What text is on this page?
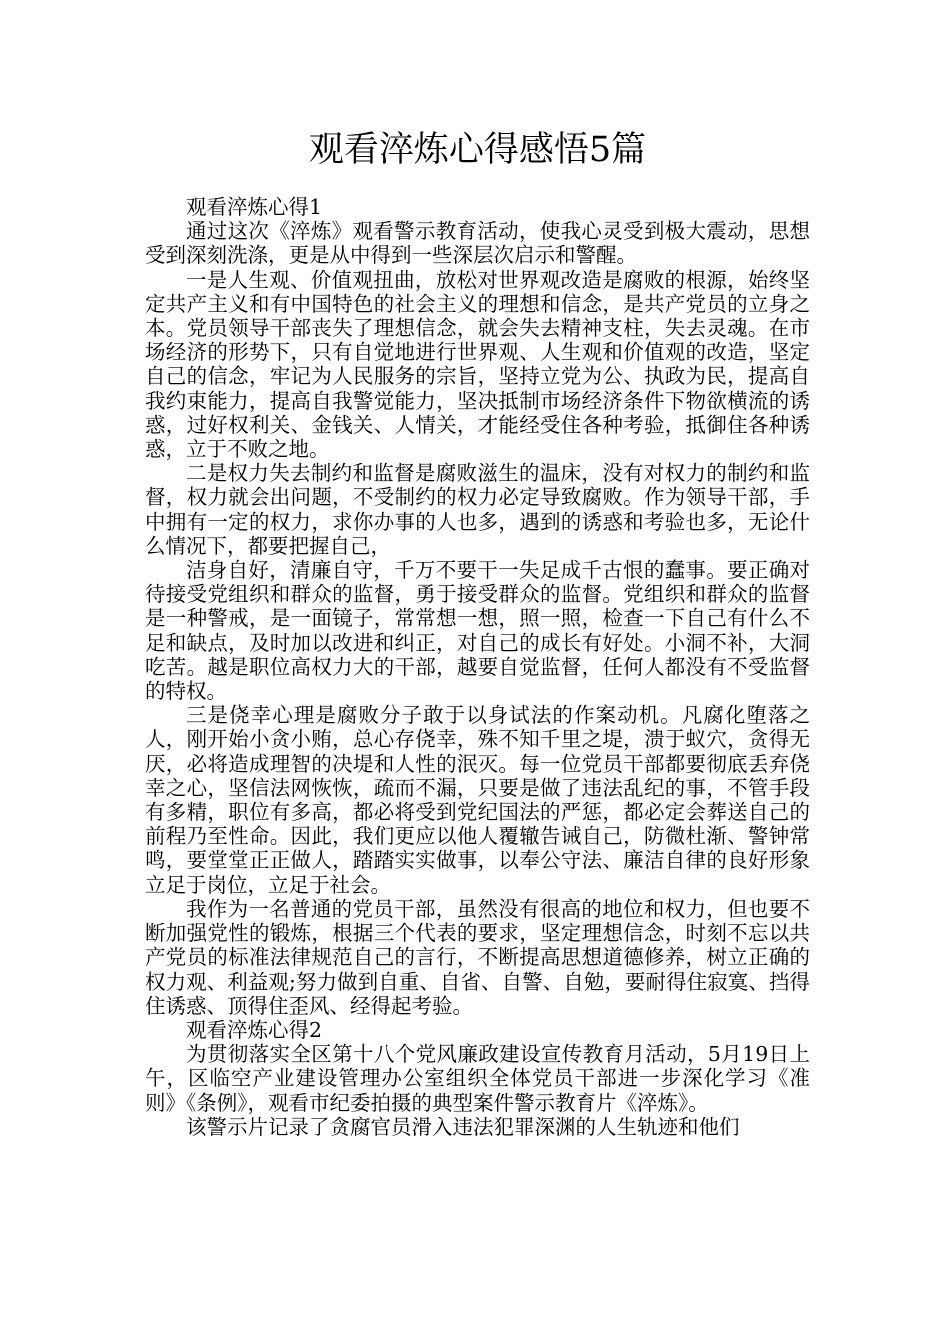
观看淬炼心得感悟5篇

观看淬炼心得1

通过这次《淬炼》观看警示教育活动，使我心灵受到极大震动，思想受到深刻洗涤，更是从中得到一些深层次启示和警醒。

一是人生观、价值观扭曲，放松对世界观改造是腐败的根源，始终坚定共产主义和有中国特色的社会主义的理想和信念，是共产党员的立身之本。党员领导干部丧失了理想信念，就会失去精神支柱，失去灵魂。在市场经济的形势下，只有自觉地进行世界观、人生观和价值观的改造，坚定自己的信念，牢记为人民服务的宗旨，坚持立党为公、执政为民，提高自我约束能力，提高自我警觉能力，坚决抵制市场经济条件下物欲横流的诱惑，过好权利关、金钱关、人情关，才能经受住各种考验，抵御住各种诱惑，立于不败之地。

二是权力失去制约和监督是腐败滋生的温床，没有对权力的制约和监督，权力就会出问题，不受制约的权力必定导致腐败。作为领导干部，手中拥有一定的权力，求你办事的人也多，遇到的诱惑和考验也多，无论什么情况下，都要把握自己，

洁身自好，清廉自守，千万不要干一失足成千古恨的蠢事。要正确对待接受党组织和群众的监督，勇于接受群众的监督。党组织和群众的监督是一种警戒，是一面镜子，常常想一想，照一照，检查一下自己有什么不足和缺点，及时加以改进和纠正，对自己的成长有好处。小洞不补，大洞吃苦。越是职位高权力大的干部，越要自觉监督，任何人都没有不受监督的特权。

三是侥幸心理是腐败分子敢于以身试法的作案动机。凡腐化堕落之人，刚开始小贪小贿，总心存侥幸，殊不知千里之堤，溃于蚁穴，贪得无厌，必将造成理智的决堤和人性的泯灭。每一位党员干部都要彻底丢弃侥幸之心，坚信法网恢恢，疏而不漏，只要是做了违法乱纪的事，不管手段有多精，职位有多高，都必将受到党纪国法的严惩，都必定会葬送自己的前程乃至性命。因此，我们更应以他人覆辙告诫自己，防微杜渐、警钟常鸣，要堂堂正正做人，踏踏实实做事，以奉公守法、廉洁自律的良好形象立足于岗位，立足于社会。

我作为一名普通的党员干部，虽然没有很高的地位和权力，但也要不断加强党性的锻炼，根据三个代表的要求，坚定理想信念，时刻不忘以共产党员的标准法律规范自己的言行，不断提高思想道德修养，树立正确的权力观、利益观;努力做到自重、自省、自警、自勉，要耐得住寂寞、挡得住诱惑、顶得住歪风、经得起考验。

观看淬炼心得2

为贯彻落实全区第十八个党风廉政建设宣传教育月活动，5月19日上午，区临空产业建设管理办公室组织全体党员干部进一步深化学习《准则》《条例》，观看市纪委拍摄的典型案件警示教育片《淬炼》。

该警示片记录了贪腐官员滑入违法犯罪深渊的人生轨迹和他们
